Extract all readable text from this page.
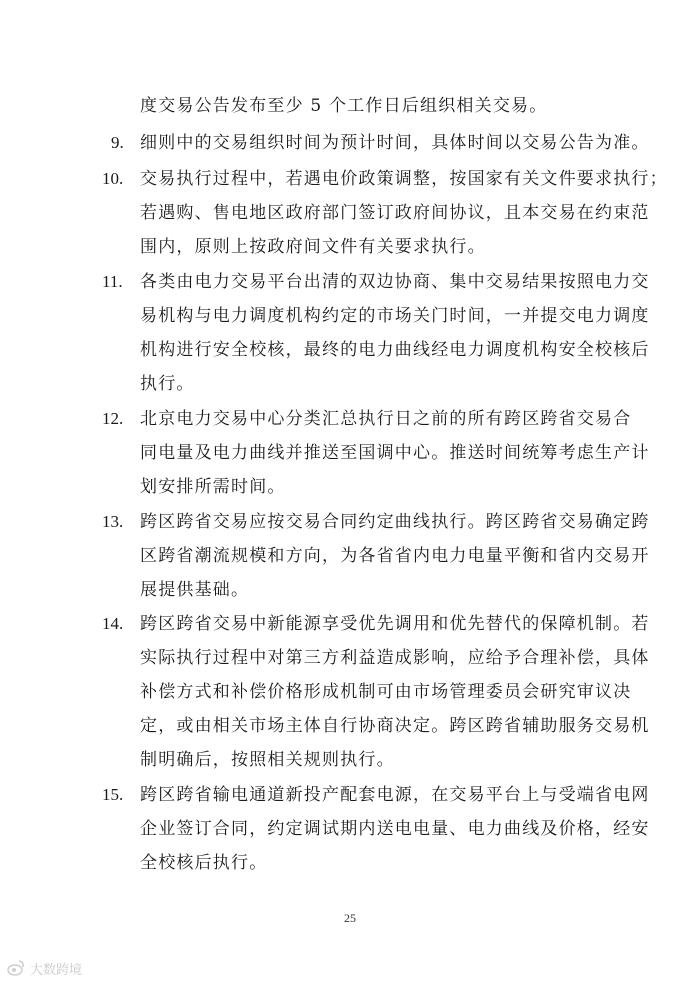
度交易公告发布至少 5 个工作日后组织相关交易。
9. 细则中的交易组织时间为预计时间，具体时间以交易公告为准。
10. 交易执行过程中，若遇电价政策调整，按国家有关文件要求执行；
若遇购、售电地区政府部门签订政府间协议，且本交易在约束范
围内，原则上按政府间文件有关要求执行。
11. 各类由电力交易平台出清的双边协商、集中交易结果按照电力交
易机构与电力调度机构约定的市场关门时间，一并提交电力调度
机构进行安全校核，最终的电力曲线经电力调度机构安全校核后
执行。
12. 北京电力交易中心分类汇总执行日之前的所有跨区跨省交易合
同电量及电力曲线并推送至国调中心。推送时间统筹考虑生产计
划安排所需时间。
13. 跨区跨省交易应按交易合同约定曲线执行。跨区跨省交易确定跨
区跨省潮流规模和方向，为各省省内电力电量平衡和省内交易开
展提供基础。
14. 跨区跨省交易中新能源享受优先调用和优先替代的保障机制。若
实际执行过程中对第三方利益造成影响，应给予合理补偿，具体
补偿方式和补偿价格形成机制可由市场管理委员会研究审议决
定，或由相关市场主体自行协商决定。跨区跨省辅助服务交易机
制明确后，按照相关规则执行。
15. 跨区跨省输电通道新投产配套电源，在交易平台上与受端省电网
企业签订合同，约定调试期内送电电量、电力曲线及价格，经安
全校核后执行。
25
大数跨境
